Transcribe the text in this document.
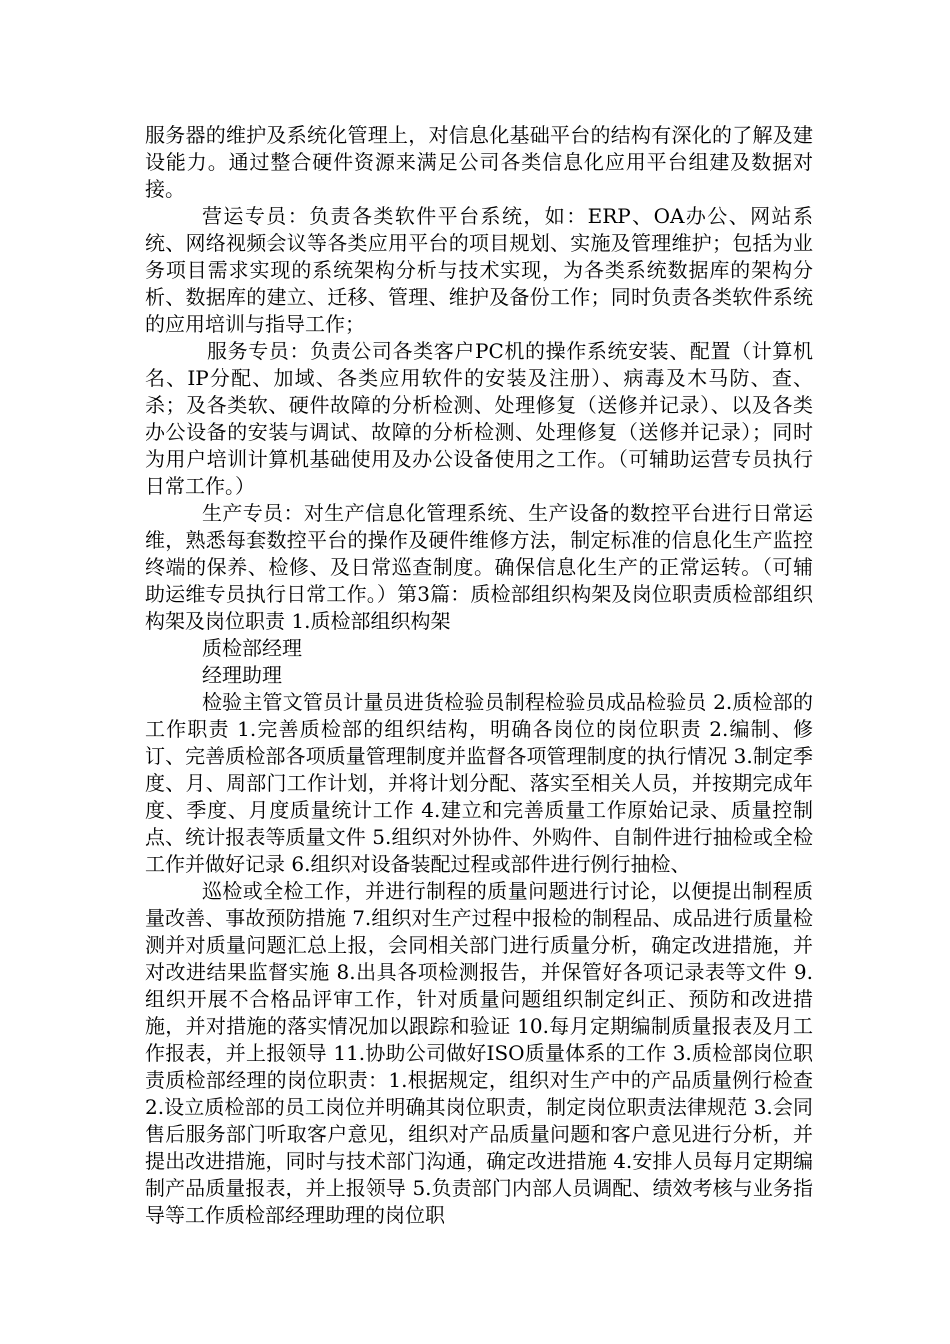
服务器的维护及系统化管理上，对信息化基础平台的结构有深化的了解及建设能力。通过整合硬件资源来满足公司各类信息化应用平台组建及数据对接。

营运专员：负责各类软件平台系统，如：ERP、OA办公、网站系统、网络视频会议等各类应用平台的项目规划、实施及管理维护；包括为业务项目需求实现的系统架构分析与技术实现，为各类系统数据库的架构分析、数据库的建立、迁移、管理、维护及备份工作；同时负责各类软件系统的应用培训与指导工作；

服务专员：负责公司各类客户PC机的操作系统安装、配置（计算机名、IP分配、加域、各类应用软件的安装及注册）、病毒及木马防、查、杀；及各类软、硬件故障的分析检测、处理修复（送修并记录）、以及各类办公设备的安装与调试、故障的分析检测、处理修复（送修并记录）；同时为用户培训计算机基础使用及办公设备使用之工作。（可辅助运营专员执行日常工作。）

生产专员：对生产信息化管理系统、生产设备的数控平台进行日常运维，熟悉每套数控平台的操作及硬件维修方法，制定标准的信息化生产监控终端的保养、检修、及日常巡查制度。确保信息化生产的正常运转。（可辅助运维专员执行日常工作。）第3篇：质检部组织构架及岗位职责质检部组织构架及岗位职责 1.质检部组织构架

质检部经理

经理助理

检验主管文管员计量员进货检验员制程检验员成品检验员 2.质检部的工作职责 1.完善质检部的组织结构，明确各岗位的岗位职责 2.编制、修订、完善质检部各项质量管理制度并监督各项管理制度的执行情况 3.制定季度、月、周部门工作计划，并将计划分配、落实至相关人员，并按期完成年度、季度、月度质量统计工作 4.建立和完善质量工作原始记录、质量控制点、统计报表等质量文件 5.组织对外协件、外购件、自制件进行抽检或全检工作并做好记录 6.组织对设备装配过程或部件进行例行抽检、

巡检或全检工作，并进行制程的质量问题进行讨论，以便提出制程质量改善、事故预防措施 7.组织对生产过程中报检的制程品、成品进行质量检测并对质量问题汇总上报，会同相关部门进行质量分析，确定改进措施，并对改进结果监督实施 8.出具各项检测报告，并保管好各项记录表等文件 9.组织开展不合格品评审工作，针对质量问题组织制定纠正、预防和改进措施，并对措施的落实情况加以跟踪和验证 10.每月定期编制质量报表及月工作报表，并上报领导 11.协助公司做好ISO质量体系的工作 3.质检部岗位职责质检部经理的岗位职责：1.根据规定，组织对生产中的产品质量例行检查 2.设立质检部的员工岗位并明确其岗位职责，制定岗位职责法律规范 3.会同售后服务部门听取客户意见，组织对产品质量问题和客户意见进行分析，并提出改进措施，同时与技术部门沟通，确定改进措施 4.安排人员每月定期编制产品质量报表，并上报领导 5.负责部门内部人员调配、绩效考核与业务指导等工作质检部经理助理的岗位职
